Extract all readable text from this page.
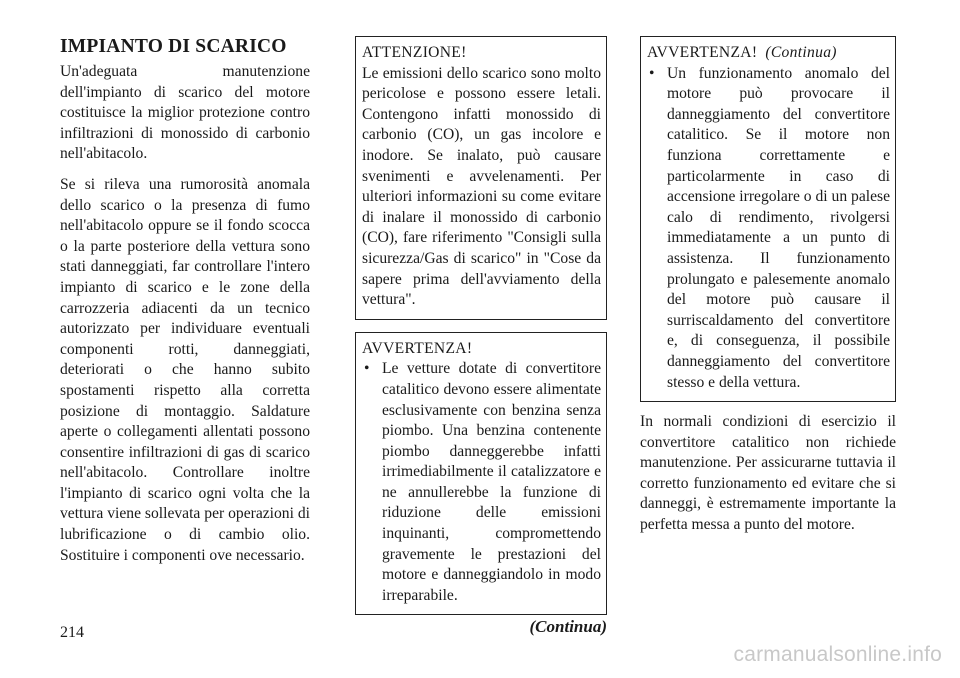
IMPIANTO DI SCARICO

Un'adeguata manutenzione dell'impianto di scarico del motore costituisce la miglior protezione contro infiltrazioni di monossido di carbonio nell'abitacolo.

Se si rileva una rumorosità anomala dello scarico o la presenza di fumo nell'abitacolo oppure se il fondo scocca o la parte posteriore della vettura sono stati danneggiati, far controllare l'intero impianto di scarico e le zone della carrozzeria adiacenti da un tecnico autorizzato per individuare eventuali componenti rotti, danneggiati, deteriorati o che hanno subito spostamenti rispetto alla corretta posizione di montaggio. Saldature aperte o collegamenti allentati possono consentire infiltrazioni di gas di scarico nell'abitacolo. Controllare inoltre l'impianto di scarico ogni volta che la vettura viene sollevata per operazioni di lubrificazione o di cambio olio. Sostituire i componenti ove necessario.

ATTENZIONE!

Le emissioni dello scarico sono molto pericolose e possono essere letali. Contengono infatti monossido di carbonio (CO), un gas incolore e inodore. Se inalato, può causare svenimenti e avvelenamenti. Per ulteriori informazioni su come evitare di inalare il monossido di carbonio (CO), fare riferimento "Consigli sulla sicurezza/Gas di scarico" in "Cose da sapere prima dell'avviamento della vettura".

AVVERTENZA!
• Le vetture dotate di convertitore catalitico devono essere alimentate esclusivamente con benzina senza piombo. Una benzina contenente piombo danneggerebbe infatti irrimediabilmente il catalizzatore e ne annullerebbe la funzione di riduzione delle emissioni inquinanti, compromettendo gravemente le prestazioni del motore e danneggiandolo in modo irreparabile.
(Continua)
AVVERTENZA! (Continua)
• Un funzionamento anomalo del motore può provocare il danneggiamento del convertitore catalitico. Se il motore non funziona correttamente e particolarmente in caso di accensione irregolare o di un palese calo di rendimento, rivolgersi immediatamente a un punto di assistenza. Il funzionamento prolungato e palesemente anomalo del motore può causare il surriscaldamento del convertitore e, di conseguenza, il possibile danneggiamento del convertitore stesso e della vettura.

In normali condizioni di esercizio il convertitore catalitico non richiede manutenzione. Per assicurarne tuttavia il corretto funzionamento ed evitare che si danneggi, è estremamente importante la perfetta messa a punto del motore.

214
carmanualsonline.info
